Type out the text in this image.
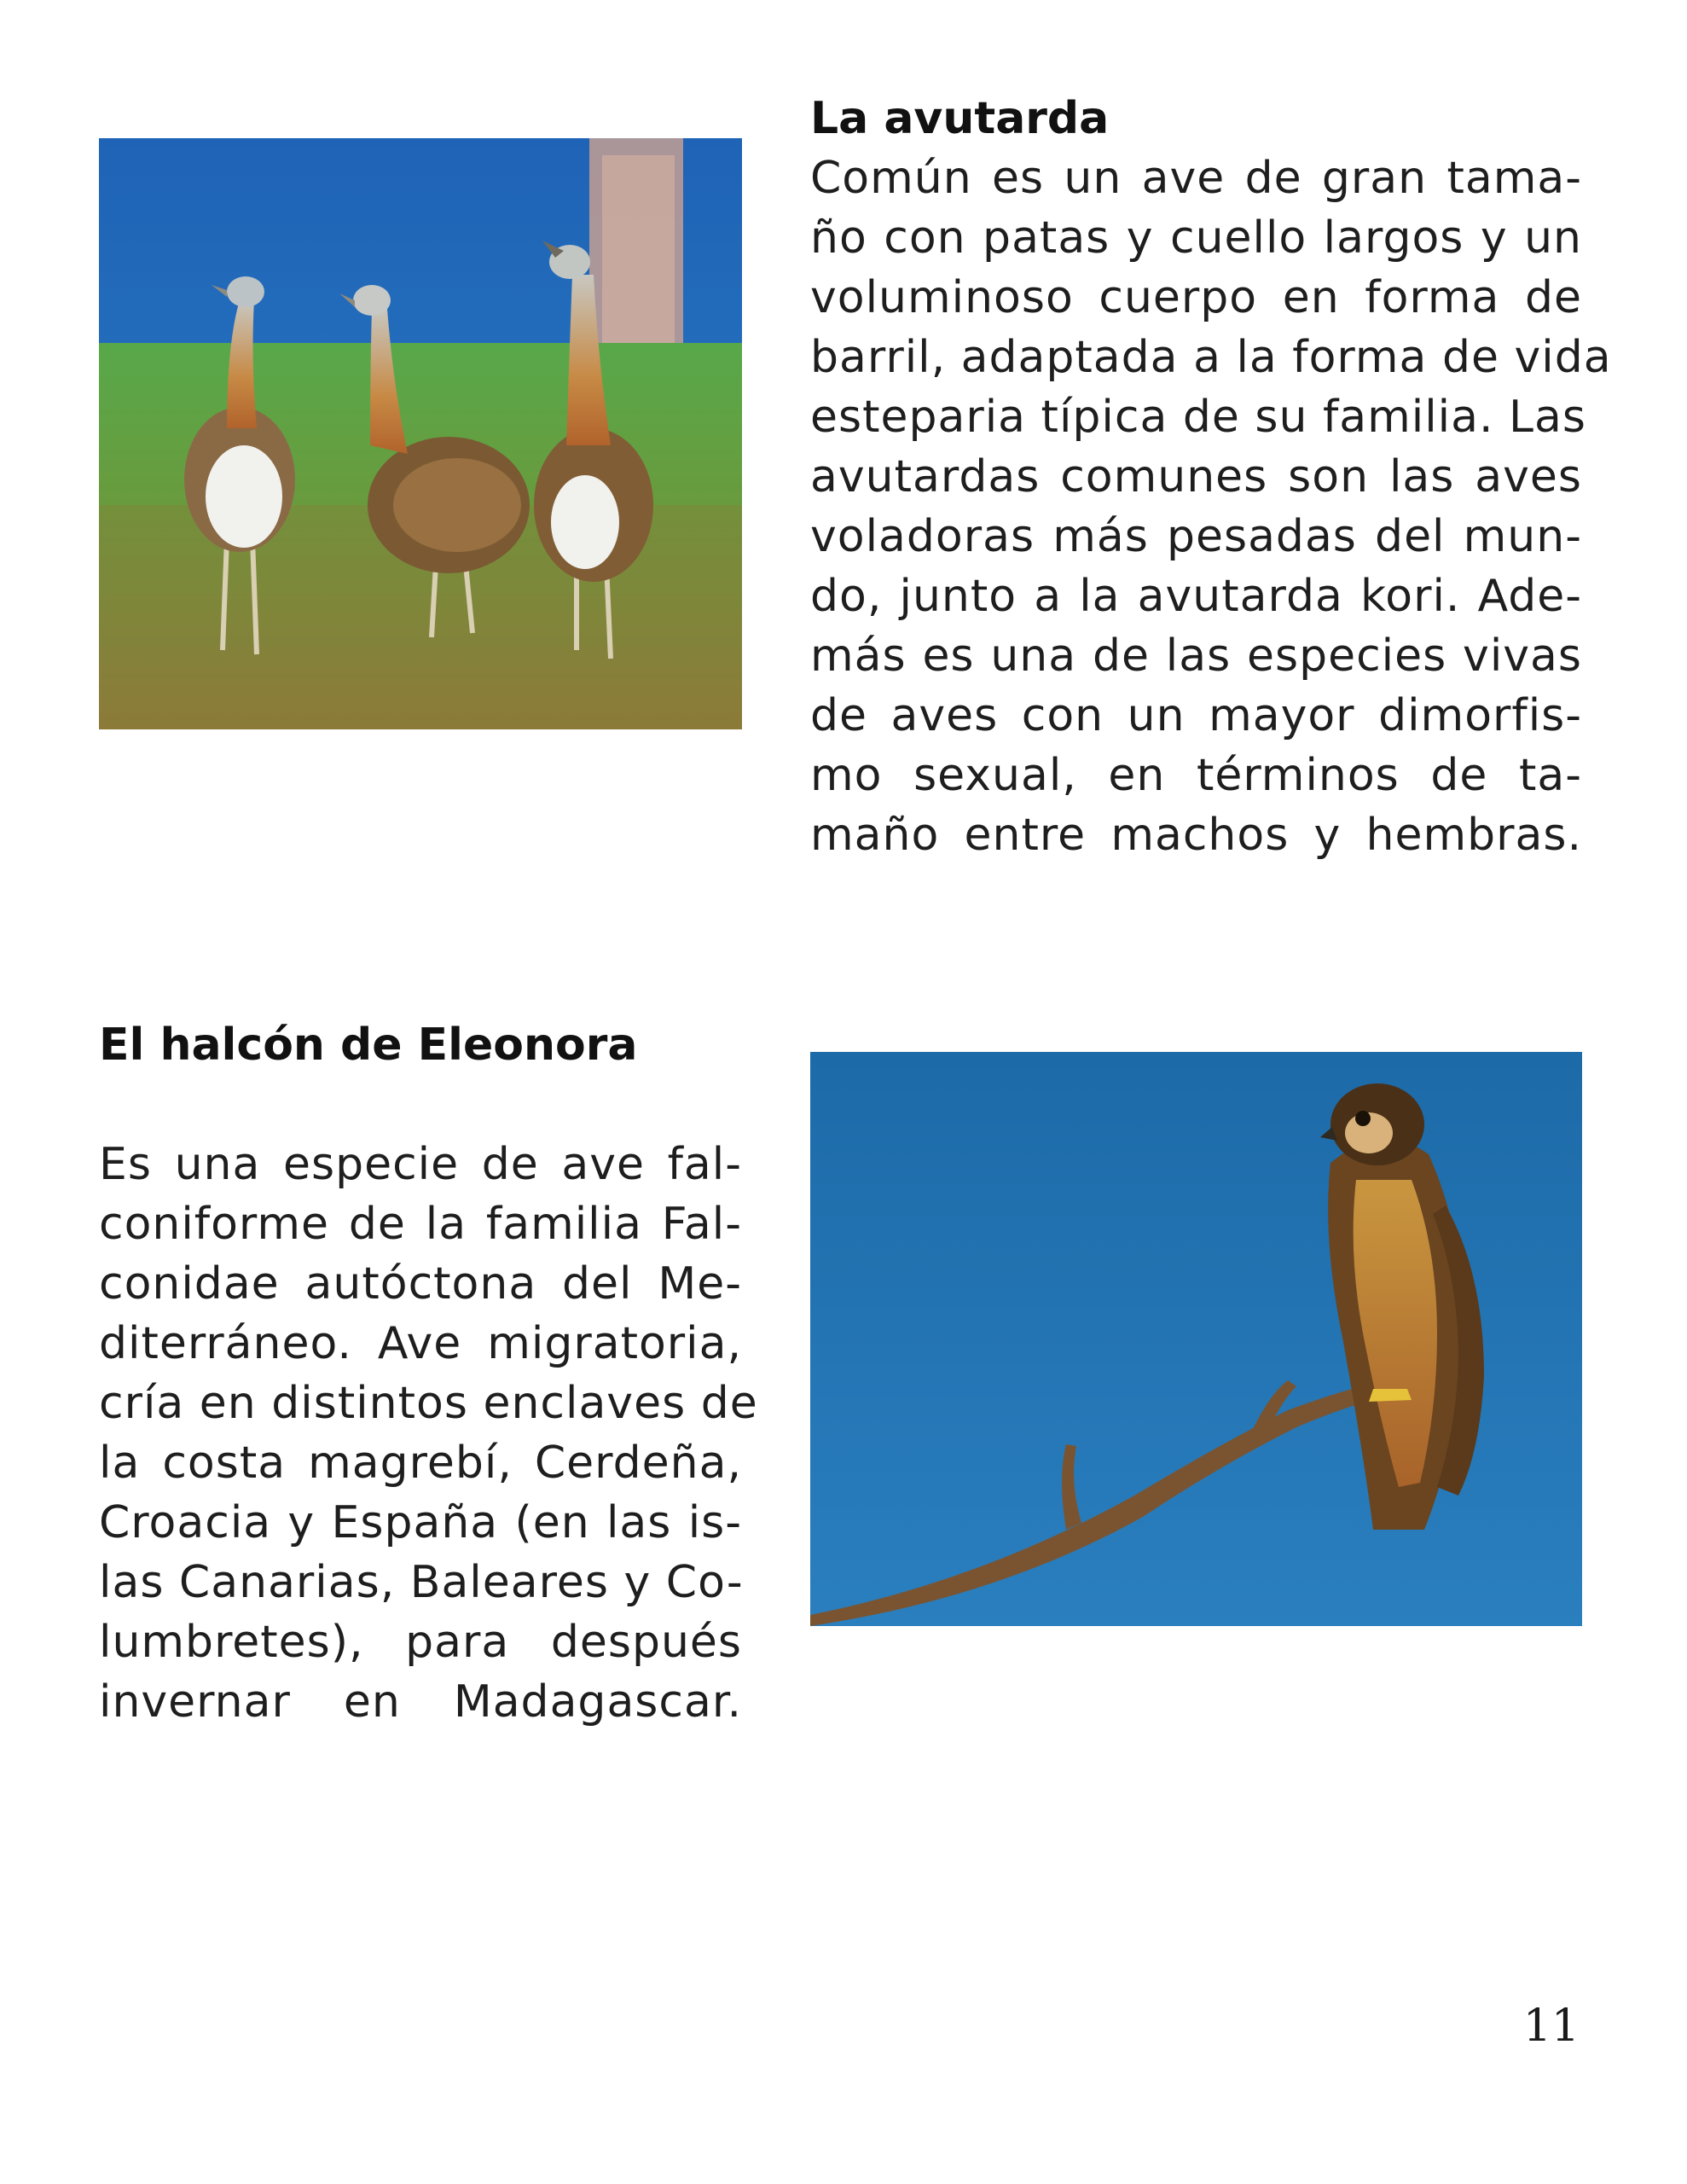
La avutarda
Común es un ave de gran tama-
ño con patas y cuello largos y un
voluminoso cuerpo en forma de
barril, adaptada a la forma de vida
esteparia típica de su familia. Las
avutardas comunes son las aves
voladoras más pesadas del mun-
do, junto a la avutarda kori. Ade-
más es una de las especies vivas
de aves con un mayor dimorfis-
mo sexual, en términos de ta-
maño entre machos y hembras.
El halcón de Eleonora
Es una especie de ave fal-
coniforme de la familia Fal-
conidae autóctona del Me-
diterráneo. Ave migratoria,
cría en distintos enclaves de
la costa magrebí, Cerdeña,
Croacia y España (en las is-
las Canarias, Baleares y Co-
lumbretes), para después
invernar en Madagascar.
11
